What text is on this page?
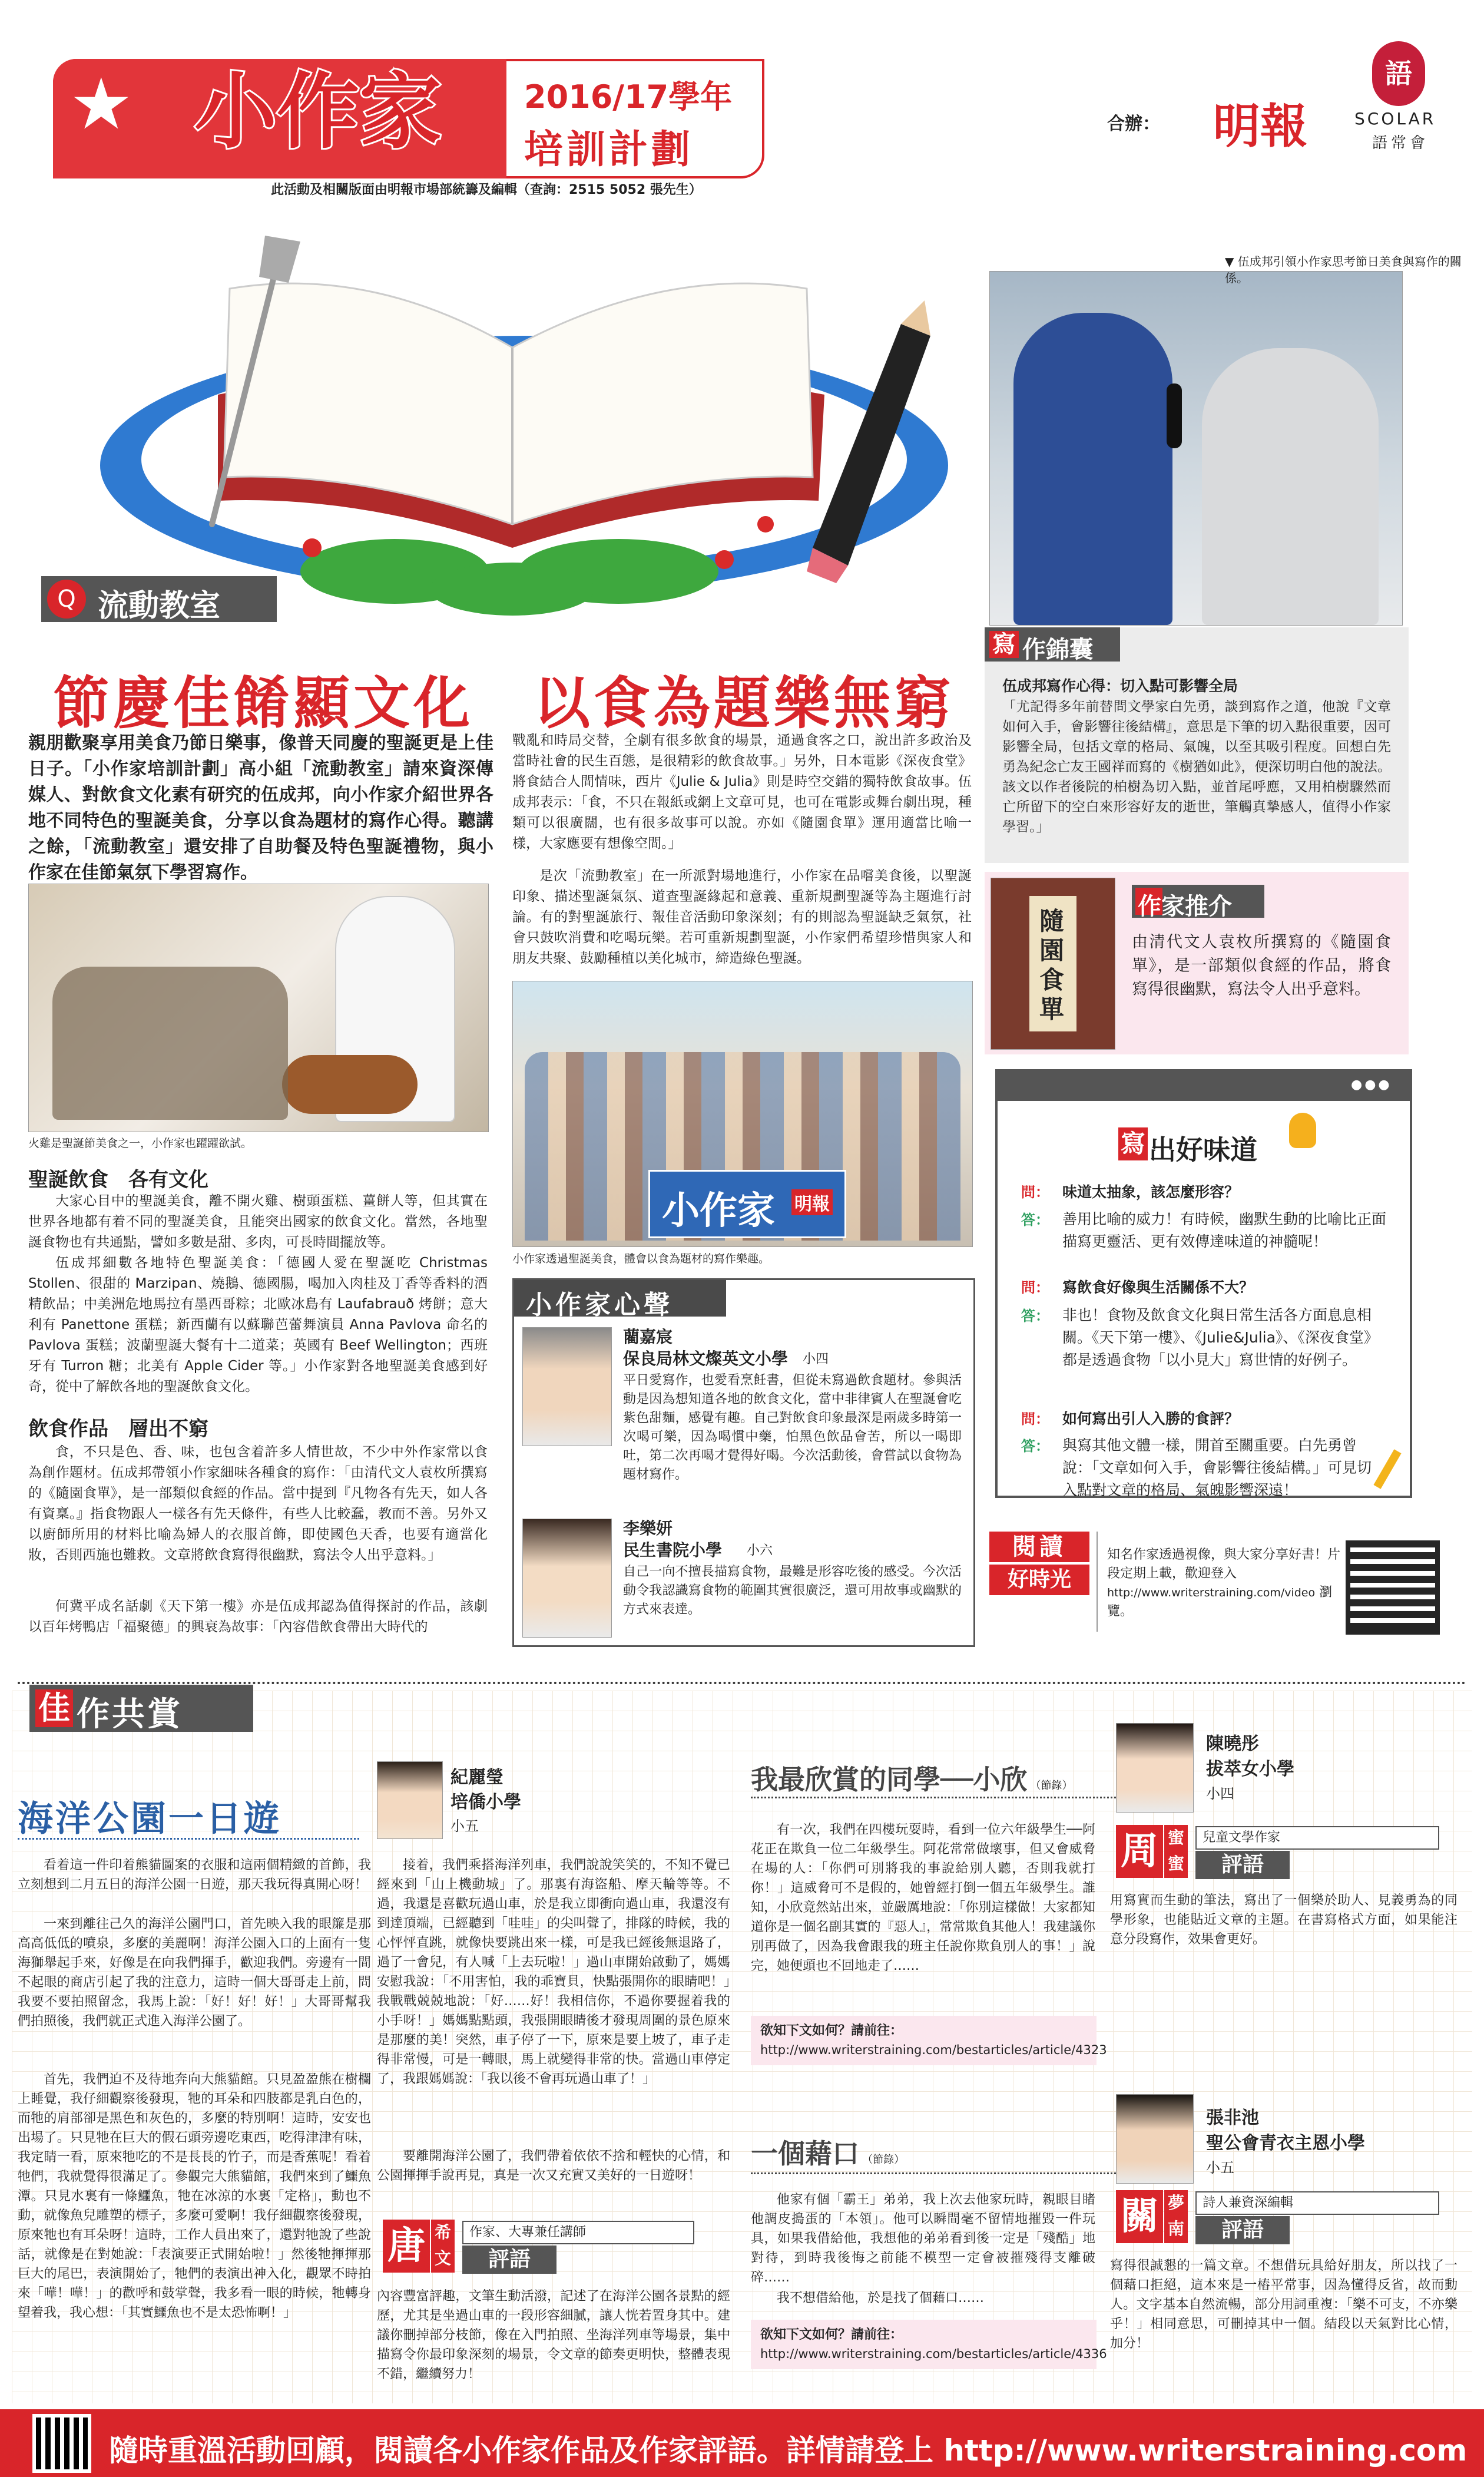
★ 小作家	2016/17學年
培訓計劃
合辦： 明報
語
SCOLAR
語常會
此活動及相關版面由明報市場部統籌及編輯（查詢：2515 5052 張先生）
▼ 伍成邦引領小作家思考節日美食與寫作的關係。
Q 流動教室
節慶佳餚顯文化　以食為題樂無窮
親朋歡聚享用美食乃節日樂事，像普天同慶的聖誕更是上佳日子。「小作家培訓計劃」高小組「流動教室」請來資深傳媒人、對飲食文化素有研究的伍成邦，向小作家介紹世界各地不同特色的聖誕美食，分享以食為題材的寫作心得。聽講之餘，「流動教室」還安排了自助餐及特色聖誕禮物，與小作家在佳節氣氛下學習寫作。
火雞是聖誕節美食之一，小作家也躍躍欲試。
聖誕飲食　各有文化
大家心目中的聖誕美食，離不開火雞、樹頭蛋糕、薑餅人等，但其實在世界各地都有着不同的聖誕美食，且能突出國家的飲食文化。當然，各地聖誕食物也有共通點，譬如多數是甜、多肉，可長時間擺放等。
伍成邦細數各地特色聖誕美食：「德國人愛在聖誕吃 Christmas Stollen、很甜的 Marzipan、燒鵝、德國腸，喝加入肉桂及丁香等香料的酒精飲品；中美洲危地馬拉有墨西哥粽；北歐冰島有 Laufabrauð 烤餅；意大利有 Panettone 蛋糕；新西蘭有以蘇聯芭蕾舞演員 Anna Pavlova 命名的 Pavlova 蛋糕；波蘭聖誕大餐有十二道菜；英國有 Beef Wellington；西班牙有 Turron 糖；北美有 Apple Cider 等。」小作家對各地聖誕美食感到好奇，從中了解飲各地的聖誕飲食文化。
飲食作品　層出不窮
食，不只是色、香、味，也包含着許多人情世故，不少中外作家常以食為創作題材。伍成邦帶領小作家細味各種食的寫作：「由清代文人袁枚所撰寫的《隨園食單》，是一部類似食經的作品。當中提到『凡物各有先天，如人各有資稟。』指食物跟人一樣各有先天條件，有些人比較蠢，教而不善。另外又以廚師所用的材料比喻為婦人的衣服首飾，即使國色天香，也要有適當化妝，否則西施也難救。文章將飲食寫得很幽默，寫法令人出乎意料。」
何冀平成名話劇《天下第一樓》亦是伍成邦認為值得探討的作品，該劇以百年烤鴨店「福聚德」的興衰為故事：「內容借飲食帶出大時代的
戰亂和時局交替，全劇有很多飲食的場景，通過食客之口，說出許多政治及當時社會的民生百態，是很精彩的飲食故事。」另外，日本電影《深夜食堂》將食結合人間情味，西片《Julie & Julia》則是時空交錯的獨特飲食故事。伍成邦表示：「食，不只在報紙或網上文章可見，也可在電影或舞台劇出現，種類可以很廣闊，也有很多故事可以說。亦如《隨園食單》運用適當比喻一樣，大家應要有想像空間。」
是次「流動教室」在一所派對場地進行，小作家在品嚐美食後，以聖誕印象、描述聖誕氣氛、道查聖誕緣起和意義、重新規劃聖誕等為主題進行討論。有的對聖誕旅行、報佳音活動印象深刻；有的則認為聖誕缺乏氣氛，社會只鼓吹消費和吃喝玩樂。若可重新規劃聖誕，小作家們希望珍惜與家人和朋友共聚、鼓勵種植以美化城市，締造綠色聖誕。
小作家 明報
小作家透過聖誕美食，體會以食為題材的寫作樂趣。
小作家心聲
藺嘉宸
保良局林文燦英文小學 小四
平日愛寫作，也愛看烹飪書，但從未寫過飲食題材。參與活動是因為想知道各地的飲食文化，當中非律賓人在聖誕會吃紫色甜麵，感覺有趣。自己對飲食印象最深是兩歲多時第一次喝可樂，因為喝慣中藥，怕黑色飲品會苦，所以一喝即吐，第二次再喝才覺得好喝。今次活動後，會嘗試以食物為題材寫作。
李樂妍
民生書院小學 小六
自己一向不擅長描寫食物，最難是形容吃後的感受。今次活動令我認識寫食物的範圍其實很廣泛，還可用故事或幽默的方式來表達。
寫 作錦囊
伍成邦寫作心得：切入點可影響全局
「尤記得多年前替問文學家白先勇，談到寫作之道，他說『文章如何入手，會影響往後結構』，意思是下筆的切入點很重要，因可影響全局，包括文章的格局、氣魄，以至其吸引程度。回想白先勇為紀念亡友王國祥而寫的《樹猶如此》，便深切明白他的說法。該文以作者後院的柏樹為切入點，並首尾呼應，又用柏樹驟然而亡所留下的空白來形容好友的逝世，筆觸真摯感人，值得小作家學習。」
隨園食單
作家推介
由清代文人袁枚所撰寫的《隨園食單》，是一部類似食經的作品，將食寫得很幽默，寫法令人出乎意料。
●●●
寫 出好味道
問： 味道太抽象，該怎麼形容？
答： 善用比喻的威力！有時候，幽默生動的比喻比正面描寫更靈活、更有效傳達味道的神髓呢！
問： 寫飲食好像與生活關係不大？
答： 非也！食物及飲食文化與日常生活各方面息息相關。《天下第一樓》、《Julie&Julia》、《深夜食堂》都是透過食物「以小見大」寫世情的好例子。
問： 如何寫出引人入勝的食評？
答： 與寫其他文體一樣，開首至關重要。白先勇曾說：「文章如何入手，會影響往後結構。」可見切入點對文章的格局、氣魄影響深遠！
閱讀
好時光
知名作家透過視像，與大家分享好書！片段定期上載，歡迎登入 http://www.writerstraining.com/video 瀏覽。
佳 作共賞
海洋公園一日遊
紀麗瑩
培僑小學
小五
看着這一件印着熊貓圖案的衣服和這兩個精緻的首飾，我立刻想到二月五日的海洋公園一日遊，那天我玩得真開心呀！
一來到離往己久的海洋公園門口，首先映入我的眼簾是那高高低低的噴泉，多麼的美麗啊！海洋公園入口的上面有一隻海獅舉起手來，好像是在向我們揮手，歡迎我們。旁邊有一間不起眼的商店引起了我的注意力，這時一個大哥哥走上前，問我要不要拍照留念，我馬上說：「好！好！好！」大哥哥幫我們拍照後，我們就正式進入海洋公園了。
首先，我們迫不及待地奔向大熊貓館。只見盈盈熊在樹欄上睡覺，我仔細觀察後發現，牠的耳朵和四肢都是乳白色的，而牠的肩部卻是黑色和灰色的，多麼的特別啊！這時，安安也出場了。只見牠在巨大的假石頭旁邊吃東西，吃得津津有味，我定睛一看，原來牠吃的不是長長的竹子，而是香蕉呢！看着牠們，我就覺得很滿足了。參觀完大熊貓館，我們來到了鱷魚潭。只見水裏有一條鱷魚，牠在冰涼的水裏「定格」，動也不動，就像魚兒雕塑的標子，多麼可愛啊！我仔細觀察後發現，原來牠也有耳朵呀！這時，工作人員出來了，還對牠說了些說話，就像是在對她說：「表演要正式開始啦！」然後牠揮揮那巨大的尾巴，表演開始了，牠們的表演出神入化，觀眾不時拍來「嘩！嘩！」的歡呼和鼓掌聲，我多看一眼的時候，牠轉身望着我，我心想：「其實鱷魚也不是太恐怖啊！」
接着，我們乘搭海洋列車，我們說說笑笑的，不知不覺已經來到「山上機動城」了。那裏有海盜船、摩天輪等等。不過，我還是喜歡玩過山車，於是我立即衝向過山車，我還沒有到達頂端，已經聽到「哇哇」的尖叫聲了，排隊的時候，我的心怦怦直跳，就像快要跳出來一樣，可是我已經後無退路了，過了一會兒，有人喊「上去玩啦！」過山車開始啟動了，媽媽安慰我說：「不用害怕，我的乖寶貝，快點張開你的眼睛吧！」我戰戰兢兢地說：「好……好！我相信你，不過你要握着我的小手呀！」媽媽點點頭，我張開眼睛後才發現周圍的景色原來是那麼的美！突然，車子停了一下，原來是要上坡了，車子走得非常慢，可是一轉眼，馬上就變得非常的快。當過山車停定了，我跟媽媽說：「我以後不會再玩過山車了！」
要離開海洋公園了，我們帶着依依不捨和輕快的心情，和公園揮揮手說再見，真是一次又充實又美好的一日遊呀！
唐 希文
作家、大專兼任講師
評語
內容豐富評趣，文筆生動活潑，記述了在海洋公園各景點的經歷，尤其是坐過山車的一段形容細膩，讓人恍若置身其中。建議你刪掉部分枝節，像在入門拍照、坐海洋列車等場景，集中描寫令你最印象深刻的場景，令文章的節奏更明快，整體表現不錯，繼續努力！
我最欣賞的同學──小欣 （節錄）
陳曉彤
拔萃女小學
小四
有一次，我們在四樓玩耍時，看到一位六年級學生──阿花正在欺負一位二年級學生。阿花常常做壞事，但又會威脅在場的人：「你們可別將我的事說給別人聽，否則我就打你！」這威脅可不是假的，她曾經打倒一個五年級學生。誰知，小欣竟然站出來，並嚴厲地說：「你別這樣做！大家都知道你是一個名副其實的『惡人』，常常欺負其他人！我建議你別再做了，因為我會跟我的班主任說你欺負別人的事！」說完，她便頭也不回地走了……
欲知下文如何？請前往：
http://www.writerstraining.com/bestarticles/article/4323
周 蜜蜜
兒童文學作家
評語
用寫實而生動的筆法，寫出了一個樂於助人、見義勇為的同學形象，也能貼近文章的主題。在書寫格式方面，如果能注意分段寫作，效果會更好。
一個藉口 （節錄）
張非池
聖公會青衣主恩小學
小五
他家有個「霸王」弟弟，我上次去他家玩時，親眼目睹他調皮搗蛋的「本領」。他可以瞬間毫不留情地摧毀一件玩具，如果我借給他，我想他的弟弟看到後一定是「殘酷」地對待，到時我後悔之前能不模型一定會被摧殘得支離破碎……
我不想借給他，於是找了個藉口……
欲知下文如何？請前往：
http://www.writerstraining.com/bestarticles/article/4336
關 夢南
詩人兼資深編輯
評語
寫得很誠懇的一篇文章。不想借玩具給好朋友，所以找了一個藉口拒絕，這本來是一樁平常事，因為懂得反省，故而動人。文字基本自然流暢，部分用詞重複：「樂不可支，不亦樂乎！」相同意思，可刪掉其中一個。結段以天氣對比心情，加分！
隨時重溫活動回顧，閱讀各小作家作品及作家評語。詳情請登上 http://www.writerstraining.com
